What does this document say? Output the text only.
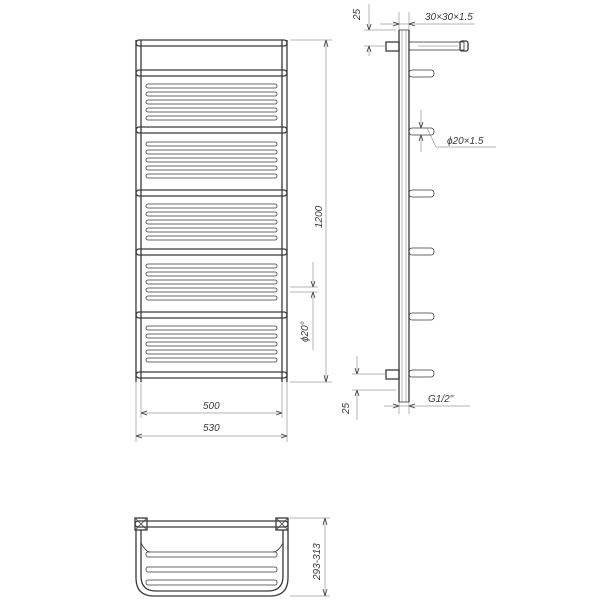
1200
ϕ20°
500
530
30×30×1.5
25
ϕ20×1.5
25
G1/2"
293-313
